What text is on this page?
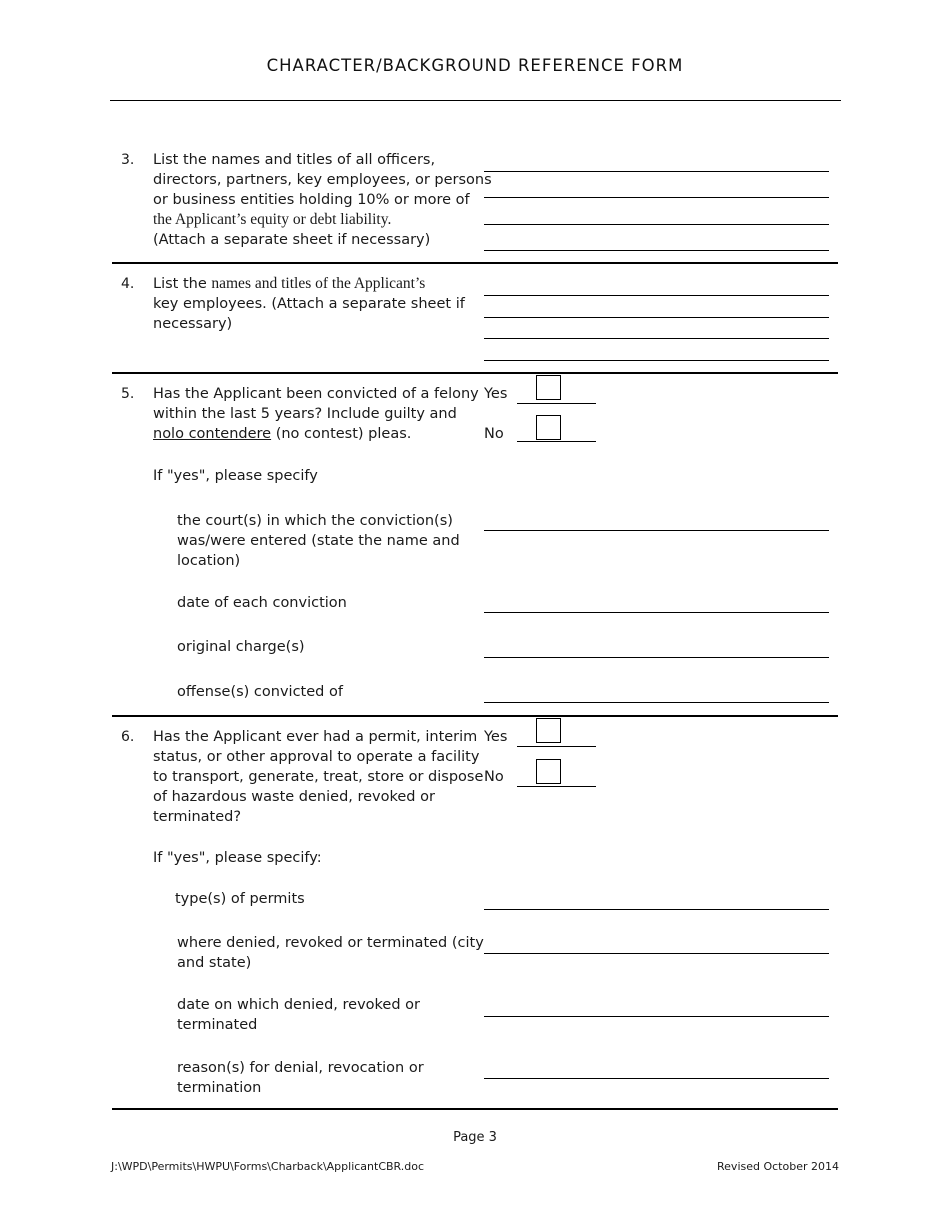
CHARACTER/BACKGROUND REFERENCE FORM
3. List the names and titles of all officers,
directors, partners, key employees, or persons
or business entities holding 10% or more of
the Applicant’s equity or debt liability.
(Attach a separate sheet if necessary)
4. List the names and titles of the Applicant’s
key employees. (Attach a separate sheet if
necessary)
5. Has the Applicant been convicted of a felony
within the last 5 years? Include guilty and
nolo contendere (no contest) pleas.
Yes
No
If "yes", please specify
the court(s) in which the conviction(s)
was/were entered (state the name and
location)
date of each conviction
original charge(s)
offense(s) convicted of
6. Has the Applicant ever had a permit, interim
status, or other approval to operate a facility
to transport, generate, treat, store or dispose
of hazardous waste denied, revoked or
terminated?
Yes
No
If "yes", please specify:
type(s) of permits
where denied, revoked or terminated (city
and state)
date on which denied, revoked or
terminated
reason(s) for denial, revocation or
termination
Page 3
J:\WPD\Permits\HWPU\Forms\Charback\ApplicantCBR.doc	Revised October 2014
